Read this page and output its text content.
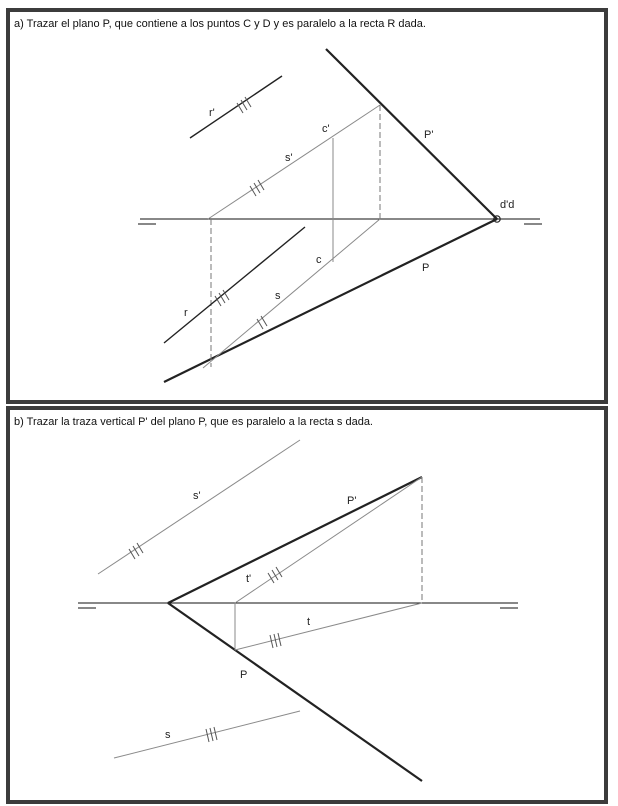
a) Trazar el plano P, que contiene a los puntos C y D y es paralelo a la recta R dada.

r'
s'
c'	P'
d'd
c
P
s
r

b) Trazar la traza vertical P' del plano P, que es paralelo a la recta s dada.

s'	P'
t'
t
P
s
